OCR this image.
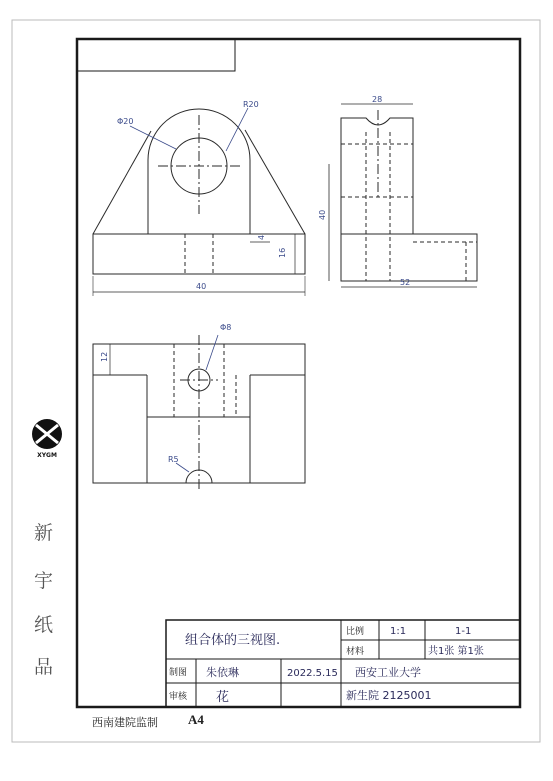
XYGM
Φ20
R20
40
16
4
28
40
52
Φ8
12
R5
组合体的三视图.
比例	1:1	1-1
材料	共1张 第1张
制图 朱依琳	2022.5.15 西安工业大学
审核 花	新生院 2125001
新
宇
纸
品
西南建院监制 A4
